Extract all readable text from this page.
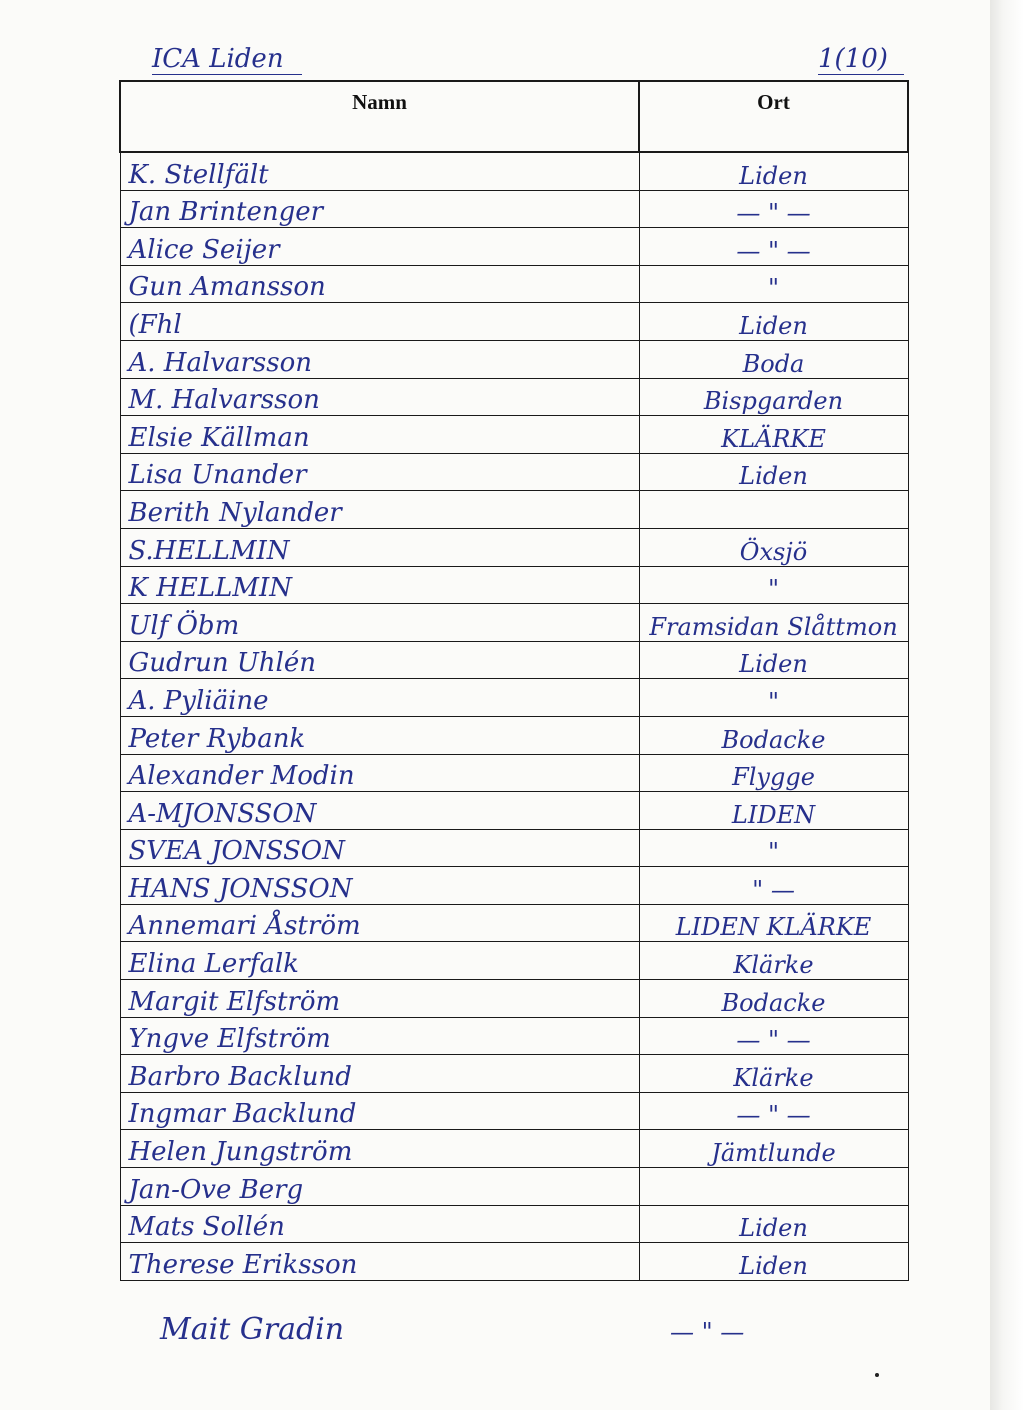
ICA Liden	1(10)
Namn	Ort
K. Stellfält	Liden
Jan Brintenger	— " —
Alice Seijer	— " —
Gun Amansson	"
(Fhl	Liden
A. Halvarsson	Boda
M. Halvarsson	Bispgarden
Elsie Källman	KLÄRKE
Lisa Unander	Liden
Berith Nylander	
S.HELLMIN	Öxsjö
K HELLMIN	"
Ulf Öbm	Framsidan Slåttmon
Gudrun Uhlén	Liden
A. Pyliäine	"
Peter Rybank	Bodacke
Alexander Modin	Flygge
A-MJONSSON	LIDEN
SVEA JONSSON	"
HANS JONSSON	" —
Annemari Åström	LIDEN KLÄRKE
Elina Lerfalk	Klärke
Margit Elfström	Bodacke
Yngve Elfström	— " —
Barbro Backlund	Klärke
Ingmar Backlund	— " —
Helen Jungström	Jämtlunde
Jan-Ove Berg	
Mats Sollén	Liden
Therese Eriksson	Liden
Mait Gradin	— " —
